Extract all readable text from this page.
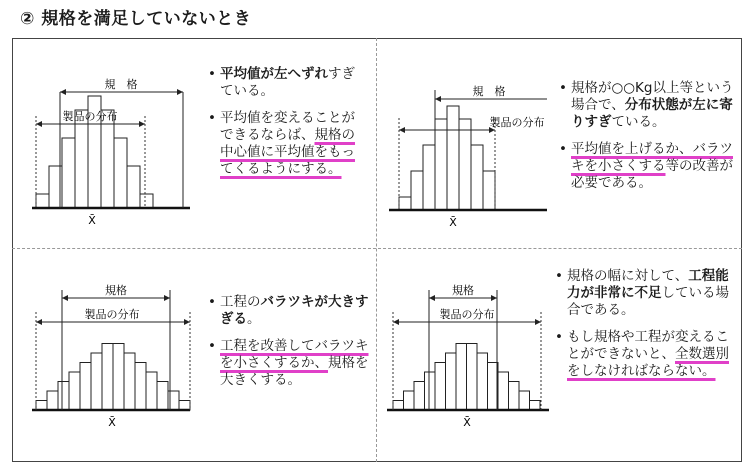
② 規格を満足していないとき
規　格
製品の分布
X̄
• 平均値が左へずれすぎている。
• 平均値を変えることができるならば、規格の中心値に平均値をもってくるようにする。
規　格
製品の分布
X̄
• 規格が○○Kg以上等という場合で、分布状態が左に寄りすぎている。
• 平均値を上げるか、バラツキを小さくする等の改善が必要である。
規格
製品の分布
X̄
• 工程のバラツキが大きすぎる。
• 工程を改善してバラツキを小さくするか、規格を大きくする。
規格
製品の分布
X̄
• 規格の幅に対して、工程能力が非常に不足している場合である。
• もし規格や工程が変えることができないと、全数選別をしなければならない。
